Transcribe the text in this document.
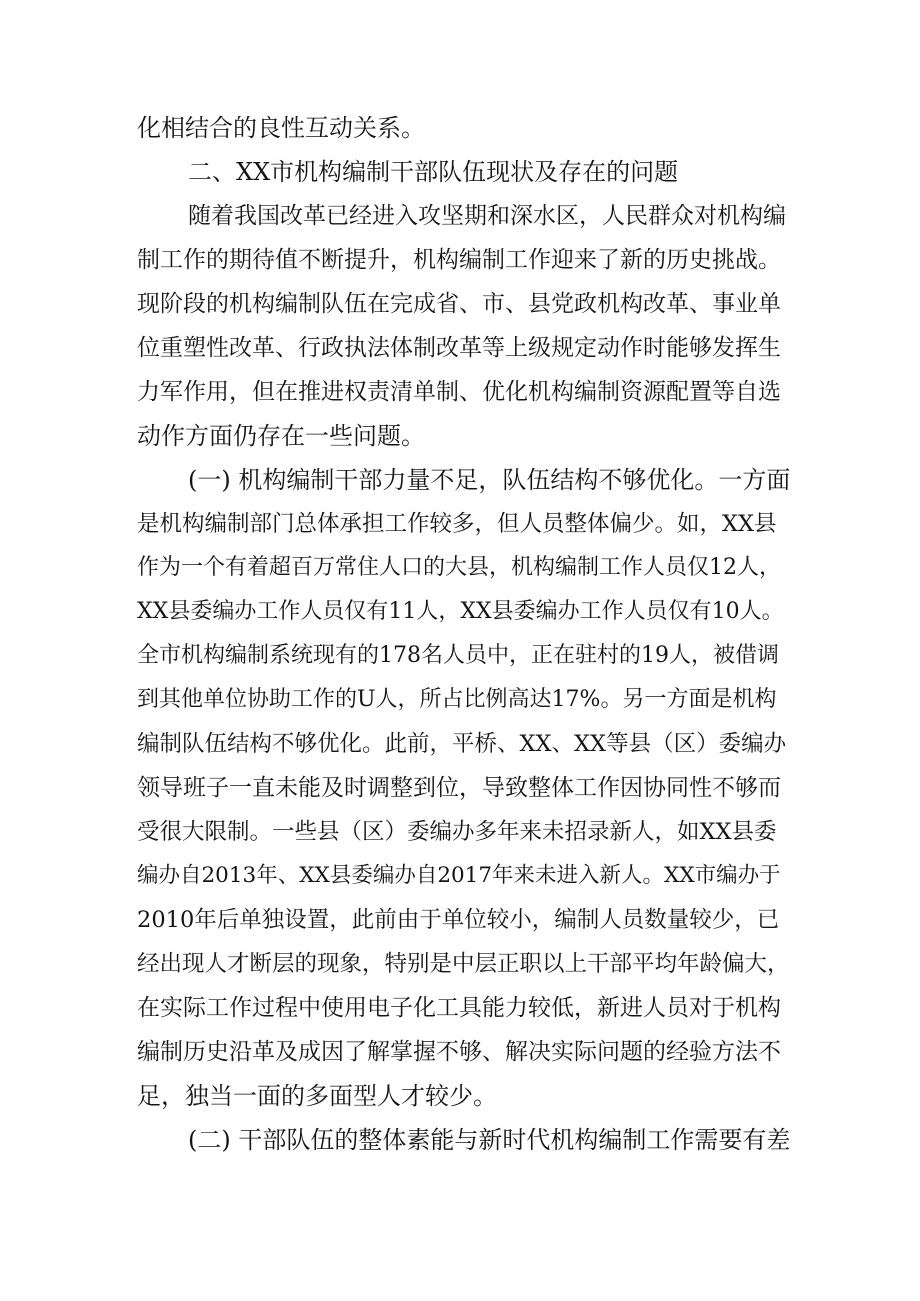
化相结合的良性互动关系。
二、XX市机构编制干部队伍现状及存在的问题
随着我国改革已经进入攻坚期和深水区，人民群众对机构编
制工作的期待值不断提升，机构编制工作迎来了新的历史挑战。
现阶段的机构编制队伍在完成省、市、县党政机构改革、事业单
位重塑性改革、行政执法体制改革等上级规定动作时能够发挥生
力军作用，但在推进权责清单制、优化机构编制资源配置等自选
动作方面仍存在一些问题。
(一) 机构编制干部力量不足，队伍结构不够优化。一方面
是机构编制部门总体承担工作较多，但人员整体偏少。如，XX县
作为一个有着超百万常住人口的大县，机构编制工作人员仅12人，
XX县委编办工作人员仅有11人，XX县委编办工作人员仅有10人。
全市机构编制系统现有的178名人员中，正在驻村的19人，被借调
到其他单位协助工作的U人，所占比例高达17%。另一方面是机构
编制队伍结构不够优化。此前，平桥、XX、XX等县（区）委编办
领导班子一直未能及时调整到位，导致整体工作因协同性不够而
受很大限制。一些县（区）委编办多年来未招录新人，如XX县委
编办自2013年、XX县委编办自2017年来未进入新人。XX市编办于
2010年后单独设置，此前由于单位较小，编制人员数量较少，已
经出现人才断层的现象，特别是中层正职以上干部平均年龄偏大，
在实际工作过程中使用电子化工具能力较低，新进人员对于机构
编制历史沿革及成因了解掌握不够、解决实际问题的经验方法不
足，独当一面的多面型人才较少。
(二) 干部队伍的整体素能与新时代机构编制工作需要有差
